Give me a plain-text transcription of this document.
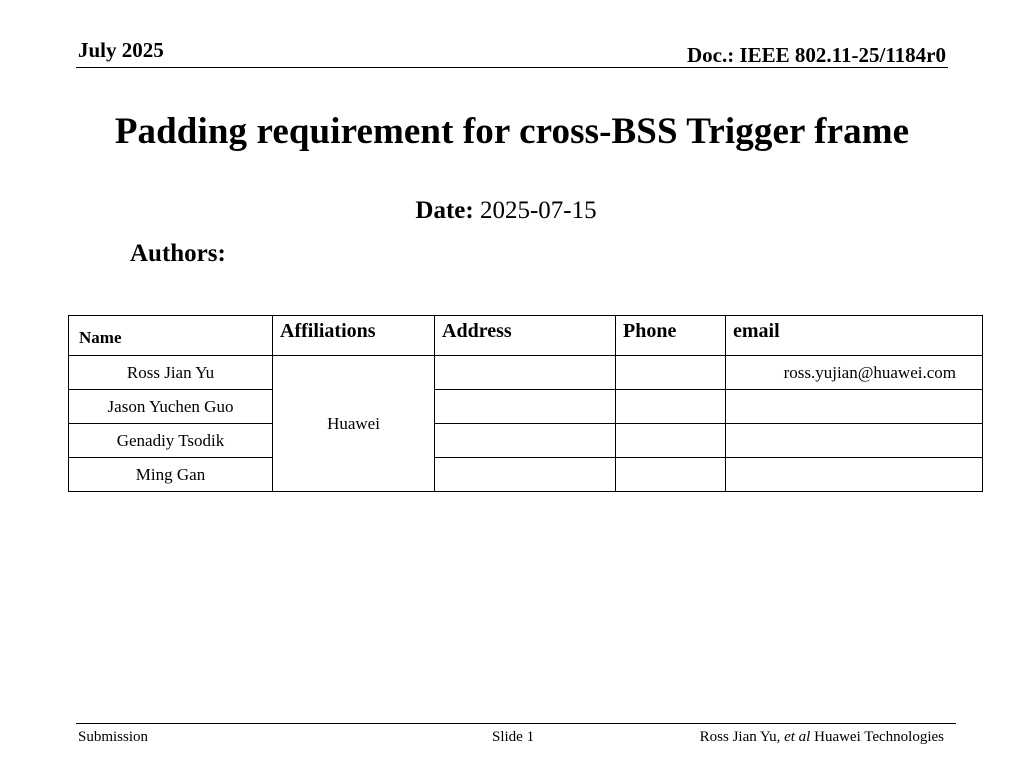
July 2025	Doc.: IEEE 802.11-25/1184r0
Padding requirement for cross-BSS Trigger frame
Date: 2025-07-15
Authors:
Name	Affiliations	Address	Phone	email
Ross Jian Yu	Huawei			ross.yujian@huawei.com
Jason Yuchen Guo				
Genadiy Tsodik				
Ming Gan				
Submission	Slide 1	Ross Jian Yu, et al Huawei Technologies
